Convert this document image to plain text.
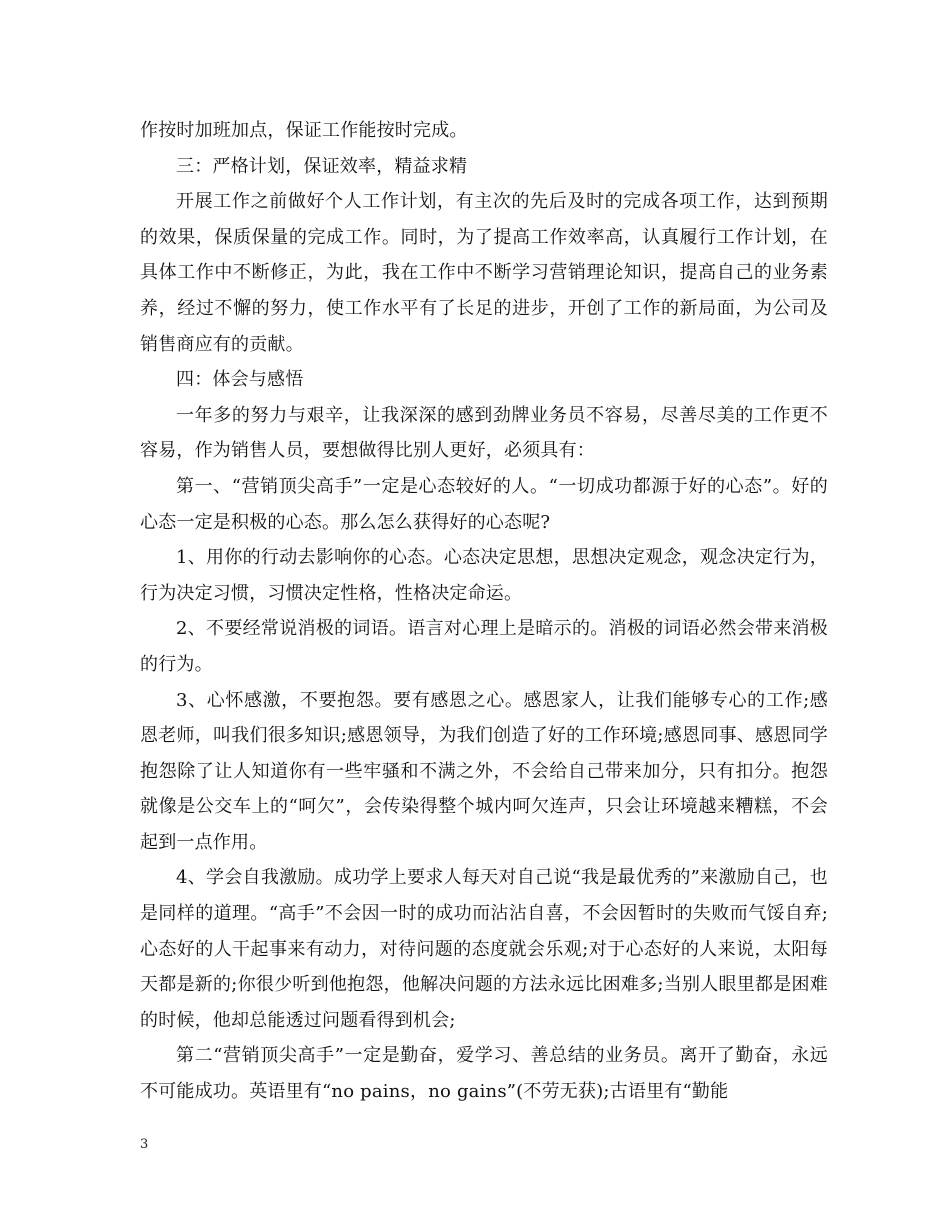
作按时加班加点，保证工作能按时完成。

三：严格计划，保证效率，精益求精

开展工作之前做好个人工作计划，有主次的先后及时的完成各项工作，达到预期的效果，保质保量的完成工作。同时，为了提高工作效率高，认真履行工作计划，在具体工作中不断修正，为此，我在工作中不断学习营销理论知识，提高自己的业务素养，经过不懈的努力，使工作水平有了长足的进步，开创了工作的新局面，为公司及销售商应有的贡献。

四：体会与感悟

一年多的努力与艰辛，让我深深的感到劲牌业务员不容易，尽善尽美的工作更不容易，作为销售人员，要想做得比别人更好，必须具有：

第一、“营销顶尖高手”一定是心态较好的人。“一切成功都源于好的心态”。好的心态一定是积极的心态。那么怎么获得好的心态呢?

1、用你的行动去影响你的心态。心态决定思想，思想决定观念，观念决定行为，行为决定习惯，习惯决定性格，性格决定命运。

2、不要经常说消极的词语。语言对心理上是暗示的。消极的词语必然会带来消极的行为。

3、心怀感激，不要抱怨。要有感恩之心。感恩家人，让我们能够专心的工作;感恩老师，叫我们很多知识;感恩领导，为我们创造了好的工作环境;感恩同事、感恩同学抱怨除了让人知道你有一些牢骚和不满之外，不会给自己带来加分，只有扣分。抱怨就像是公交车上的“呵欠”，会传染得整个城内呵欠连声，只会让环境越来糟糕，不会起到一点作用。

4、学会自我激励。成功学上要求人每天对自己说“我是最优秀的”来激励自己，也是同样的道理。“高手”不会因一时的成功而沾沾自喜，不会因暂时的失败而气馁自弃;心态好的人干起事来有动力，对待问题的态度就会乐观;对于心态好的人来说，太阳每天都是新的;你很少听到他抱怨，他解决问题的方法永远比困难多;当别人眼里都是困难的时候，他却总能透过问题看得到机会;

第二“营销顶尖高手”一定是勤奋，爱学习、善总结的业务员。离开了勤奋，永远不可能成功。英语里有“no pains，no gains”(不劳无获);古语里有“勤能

3
